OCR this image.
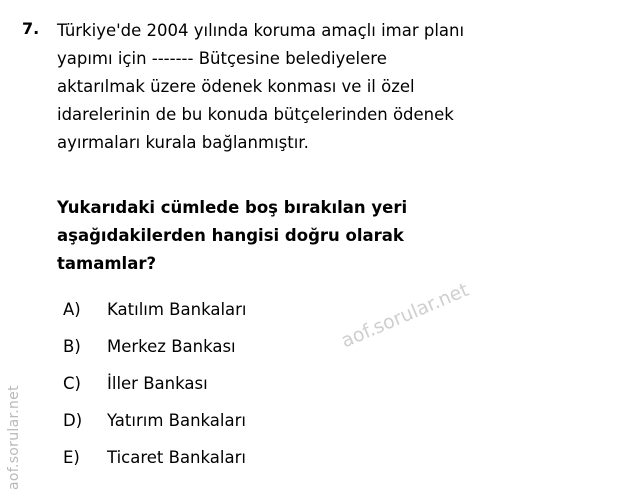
7. Türkiye'de 2004 yılında koruma amaçlı imar planı
yapımı için ------- Bütçesine belediyelere
aktarılmak üzere ödenek konması ve il özel
idarelerinin de bu konuda bütçelerinden ödenek
ayırmaları kurala bağlanmıştır.
Yukarıdaki cümlede boş bırakılan yeri
aşağıdakilerden hangisi doğru olarak
tamamlar?
A)	Katılım Bankaları
B)	Merkez Bankası
C)	İller Bankası
D)	Yatırım Bankaları
E)	Ticaret Bankaları
aof.sorular.net
aof.sorular.net
